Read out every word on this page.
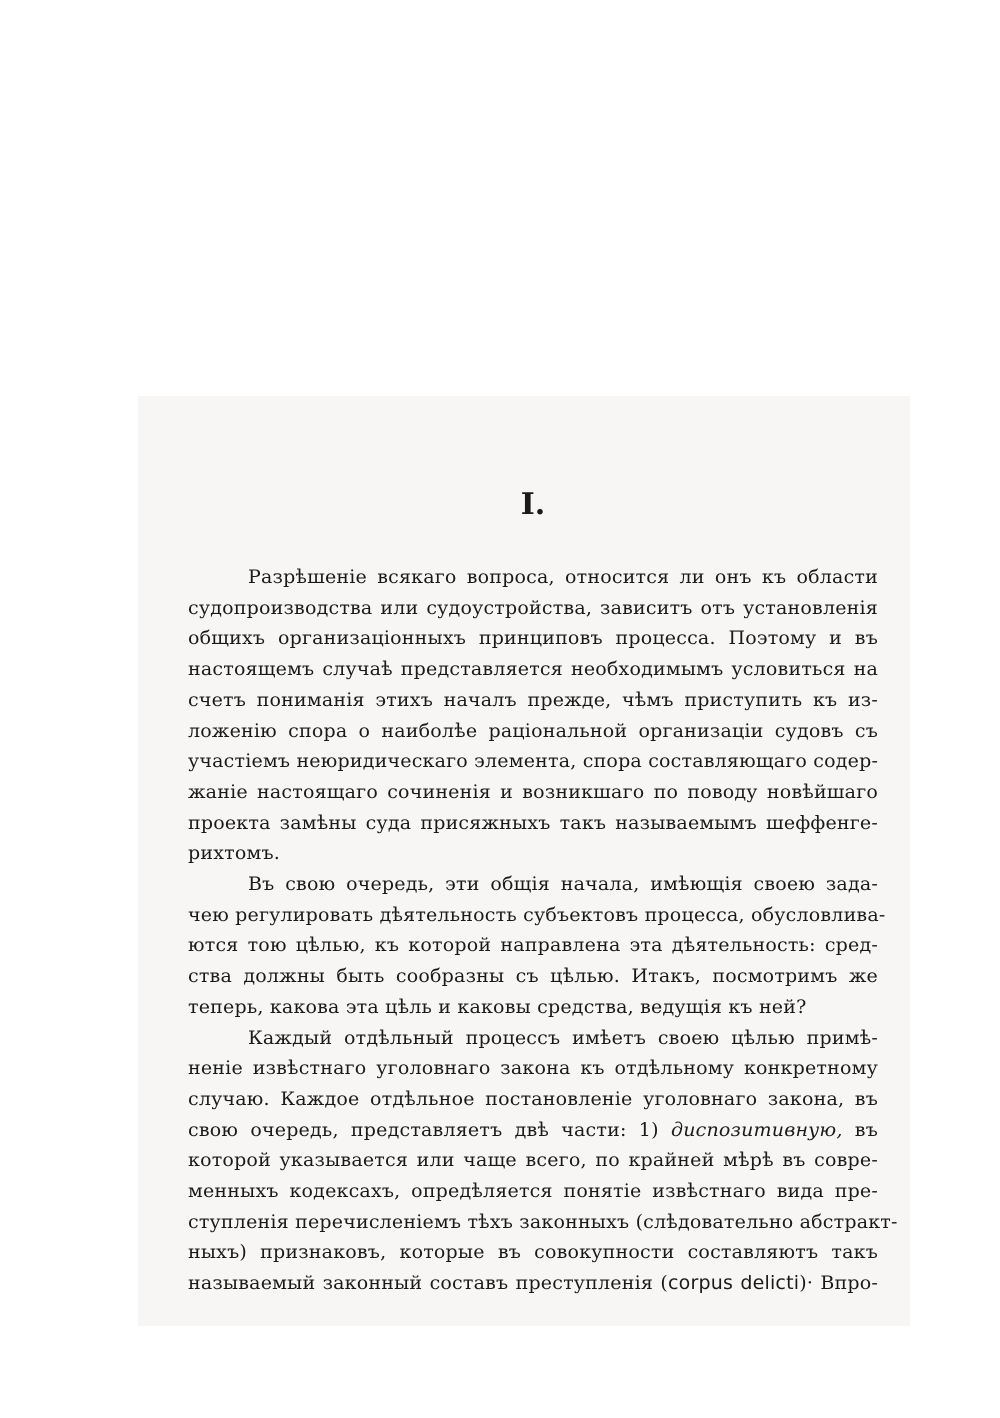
I.

Разрѣшеніе всякаго вопроса, относится ли онъ къ области
судопроизводства или судоустройства, зависитъ отъ установленія
общихъ организаціонныхъ принциповъ процесса. Поэтому и въ
настоящемъ случаѣ представляется необходимымъ условиться на
счетъ пониманія этихъ началъ прежде, чѣмъ приступить къ из-
ложенію спора о наиболѣе раціональной организаціи судовъ съ
участіемъ неюридическаго элемента, спора составляющаго содер-
жаніе настоящаго сочиненія и возникшаго по поводу новѣйшаго
проекта замѣны суда присяжныхъ такъ называемымъ шеффенге-
рихтомъ.

Въ свою очередь, эти общія начала, имѣющія своею зада-
чею регулировать дѣятельность субъектовъ процесса, обусловлива-
ются тою цѣлью, къ которой направлена эта дѣятельность: сред-
ства должны быть сообразны съ цѣлью. Итакъ, посмотримъ же
теперь, какова эта цѣль и каковы средства, ведущія къ ней?

Каждый отдѣльный процессъ имѣетъ своею цѣлью примѣ-
неніе извѣстнаго уголовнаго закона къ отдѣльному конкретному
случаю. Каждое отдѣльное постановленіе уголовнаго закона, въ
свою очередь, представляетъ двѣ части: 1) диспозитивную, въ
которой указывается или чаще всего, по крайней мѣрѣ въ совре-
менныхъ кодексахъ, опредѣляется понятіе извѣстнаго вида пре-
ступленія перечисленіемъ тѣхъ законныхъ (слѣдовательно абстракт-
ныхъ) признаковъ, которые въ совокупности составляютъ такъ
называемый законный составъ преступленія (corpus delicti)· Впро-
